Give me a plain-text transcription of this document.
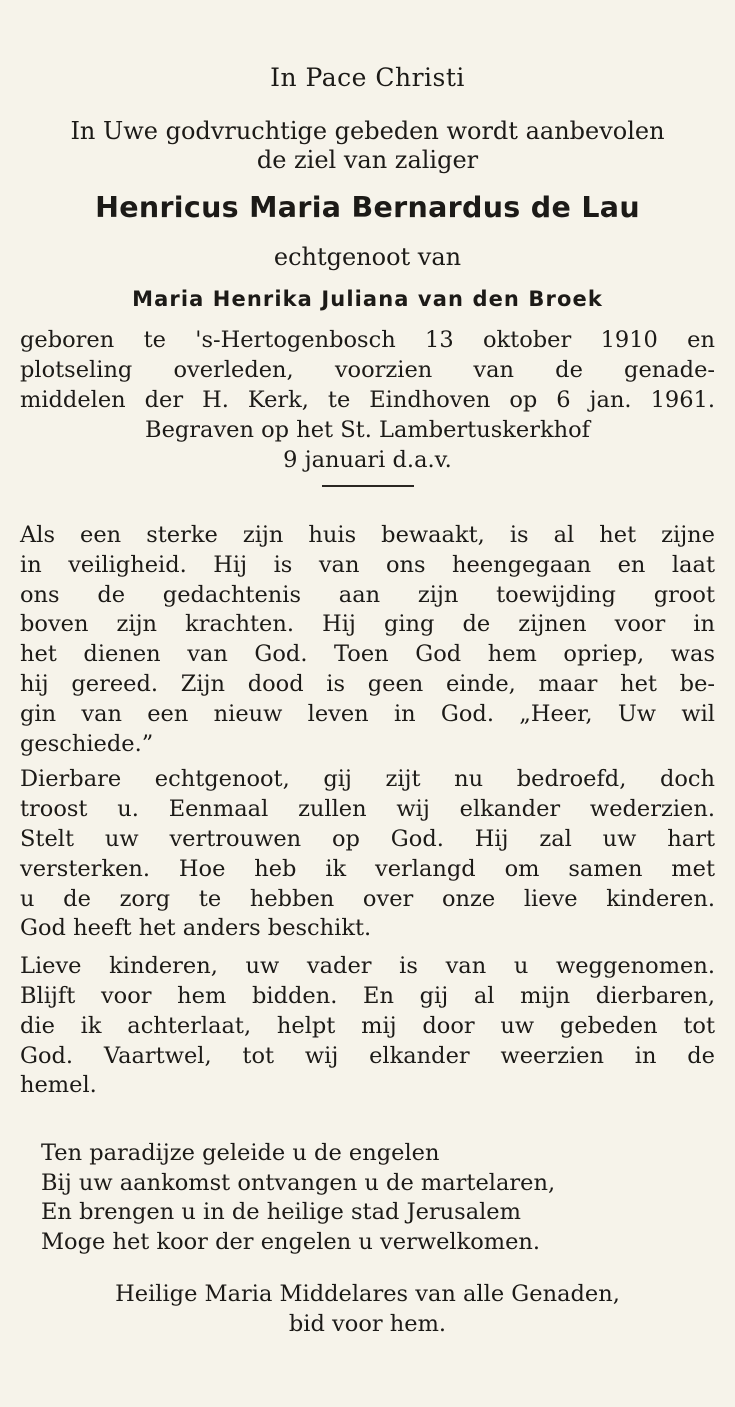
In Pace Christi
In Uwe godvruchtige gebeden wordt aanbevolen
de ziel van zaliger
Henricus Maria Bernardus de Lau
echtgenoot van
Maria Henrika Juliana van den Broek
geboren te 's-Hertogenbosch 13 oktober 1910 en
plotseling overleden, voorzien van de genade-
middelen der H. Kerk, te Eindhoven op 6 jan. 1961.
Begraven op het St. Lambertuskerkhof
9 januari d.a.v.
Als een sterke zijn huis bewaakt, is al het zijne
in veiligheid. Hij is van ons heengegaan en laat
ons de gedachtenis aan zijn toewijding groot
boven zijn krachten. Hij ging de zijnen voor in
het dienen van God. Toen God hem opriep, was
hij gereed. Zijn dood is geen einde, maar het be-
gin van een nieuw leven in God. „Heer, Uw wil
geschiede.”
Dierbare echtgenoot, gij zijt nu bedroefd, doch
troost u. Eenmaal zullen wij elkander wederzien.
Stelt uw vertrouwen op God. Hij zal uw hart
versterken. Hoe heb ik verlangd om samen met
u de zorg te hebben over onze lieve kinderen.
God heeft het anders beschikt.
Lieve kinderen, uw vader is van u weggenomen.
Blijft voor hem bidden. En gij al mijn dierbaren,
die ik achterlaat, helpt mij door uw gebeden tot
God. Vaartwel, tot wij elkander weerzien in de
hemel.
Ten paradijze geleide u de engelen
Bij uw aankomst ontvangen u de martelaren,
En brengen u in de heilige stad Jerusalem
Moge het koor der engelen u verwelkomen.
Heilige Maria Middelares van alle Genaden,
bid voor hem.
